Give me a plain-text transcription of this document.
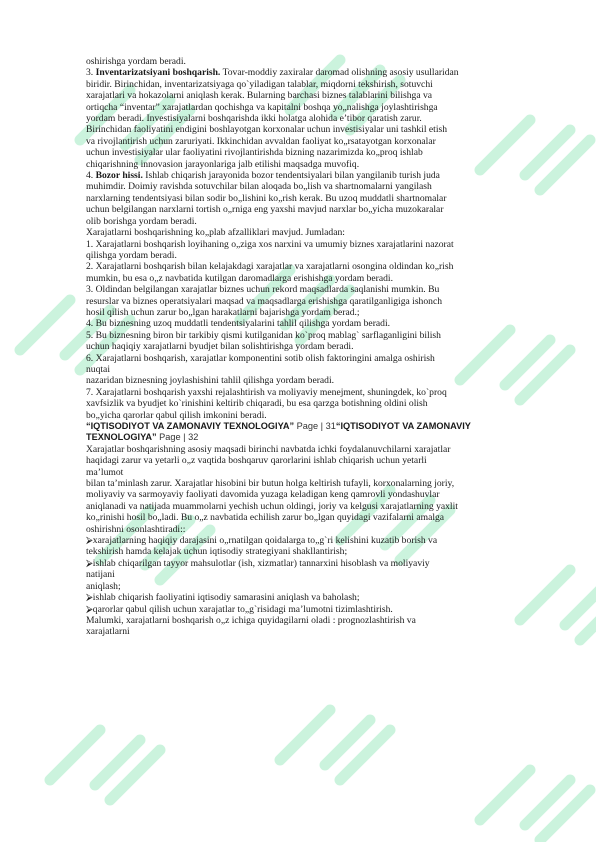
oshirishga yordam beradi.
3. Inventarizatsiyani boshqarish. Tovar-moddiy zaxiralar daromad olishning asosiy usullaridan
biridir. Birinchidan, inventarizatsiyaga qo`yiladigan talablar, miqdorni tekshirish, sotuvchi
xarajatlari va hokazolarni aniqlash kerak. Bularning barchasi biznes talablarini bilishga va
ortiqcha “inventar” xarajatlardan qochishga va kapitalni boshqa yo„nalishga joylashtirishga
yordam beradi. Investisiyalarni boshqarishda ikki holatga alohida e’tibor qaratish zarur.
Birinchidan faoliyatini endigini boshlayotgan korxonalar uchun investisiyalar uni tashkil etish
va rivojlantirish uchun zaruriyati. Ikkinchidan avvaldan faoliyat ko„rsatayotgan korxonalar
uchun investisiyalar ular faoliyatini rivojlantirishda bizning nazarimizda ko„proq ishlab
chiqarishning innovasion jarayonlariga jalb etilishi maqsadga muvofiq.
4. Bozor hissi. Ishlab chiqarish jarayonida bozor tendentsiyalari bilan yangilanib turish juda
muhimdir. Doimiy ravishda sotuvchilar bilan aloqada bo„lish va shartnomalarni yangilash
narxlarning tendentsiyasi bilan sodir bo„lishini ko„rish kerak. Bu uzoq muddatli shartnomalar
uchun belgilangan narxlarni tortish o„rniga eng yaxshi mavjud narxlar bo„yicha muzokaralar
olib borishga yordam beradi.
Xarajatlarni boshqarishning ko„plab afzalliklari mavjud. Jumladan:
1. Xarajatlarni boshqarish loyihaning o„ziga xos narxini va umumiy biznes xarajatlarini nazorat
qilishga yordam beradi.
2. Xarajatlarni boshqarish bilan kelajakdagi xarajatlar va xarajatlarni osongina oldindan ko„rish
mumkin, bu esa o„z navbatida kutilgan daromadlarga erishishga yordam beradi.
3. Oldindan belgilangan xarajatlar biznes uchun rekord maqsadlarda saqlanishi mumkin. Bu
resurslar va biznes operatsiyalari maqsad va maqsadlarga erishishga qaratilganligiga ishonch
hosil qilish uchun zarur bo„lgan harakatlarni bajarishga yordam berad.;
4. Bu biznesning uzoq muddatli tendentsiyalarini tahlil qilishga yordam beradi.
5. Bu biznesning biron bir tarkibiy qismi kutilganidan ko`proq mablag` sarflaganligini bilish
uchun haqiqiy xarajatlarni byudjet bilan solishtirishga yordam beradi.
6. Xarajatlarni boshqarish, xarajatlar komponentini sotib olish faktoringini amalga oshirish
nuqtai
nazaridan biznesning joylashishini tahlil qilishga yordam beradi.
7. Xarajatlarni boshqarish yaxshi rejalashtirish va moliyaviy menejment, shuningdek, ko`proq
xavfsizlik va byudjet ko`rinishini keltirib chiqaradi, bu esa qarzga botishning oldini olish
bo„yicha qarorlar qabul qilish imkonini beradi.
“IQTISODIYOT VA ZAMONAVIY TEXNOLOGIYA” Page | 31“IQTISODIYOT VA ZAMONAVIY
TEXNOLOGIYA” Page | 32
Xarajatlar boshqarishning asosiy maqsadi birinchi navbatda ichki foydalanuvchilarni xarajatlar
haqidagi zarur va yetarli o„z vaqtida boshqaruv qarorlarini ishlab chiqarish uchun yetarli
ma’lumot
bilan ta’minlash zarur. Xarajatlar hisobini bir butun holga keltirish tufayli, korxonalarning joriy,
moliyaviy va sarmoyaviy faoliyati davomida yuzaga keladigan keng qamrovli yondashuvlar
aniqlanadi va natijada muammolarni yechish uchun oldingi, joriy va kelgusi xarajatlarning yaxlit
ko„rinishi hosil bo„ladi. Bu o„z navbatida echilish zarur bo„lgan quyidagi vazifalarni amalga
oshirishni osonlashtiradi::
⮚xarajatlarning haqiqiy darajasini o„rnatilgan qoidalarga to„g`ri kelishini kuzatib borish va
tekshirish hamda kelajak uchun iqtisodiy strategiyani shakllantirish;
⮚ishlab chiqarilgan tayyor mahsulotlar (ish, xizmatlar) tannarxini hisoblash va moliyaviy
natijani
aniqlash;
⮚ishlab chiqarish faoliyatini iqtisodiy samarasini aniqlash va baholash;
⮚qarorlar qabul qilish uchun xarajatlar to„g`risidagi ma’lumotni tizimlashtirish.
Malumki, xarajatlarni boshqarish o„z ichiga quyidagilarni oladi : prognozlashtirish va
xarajatlarni
